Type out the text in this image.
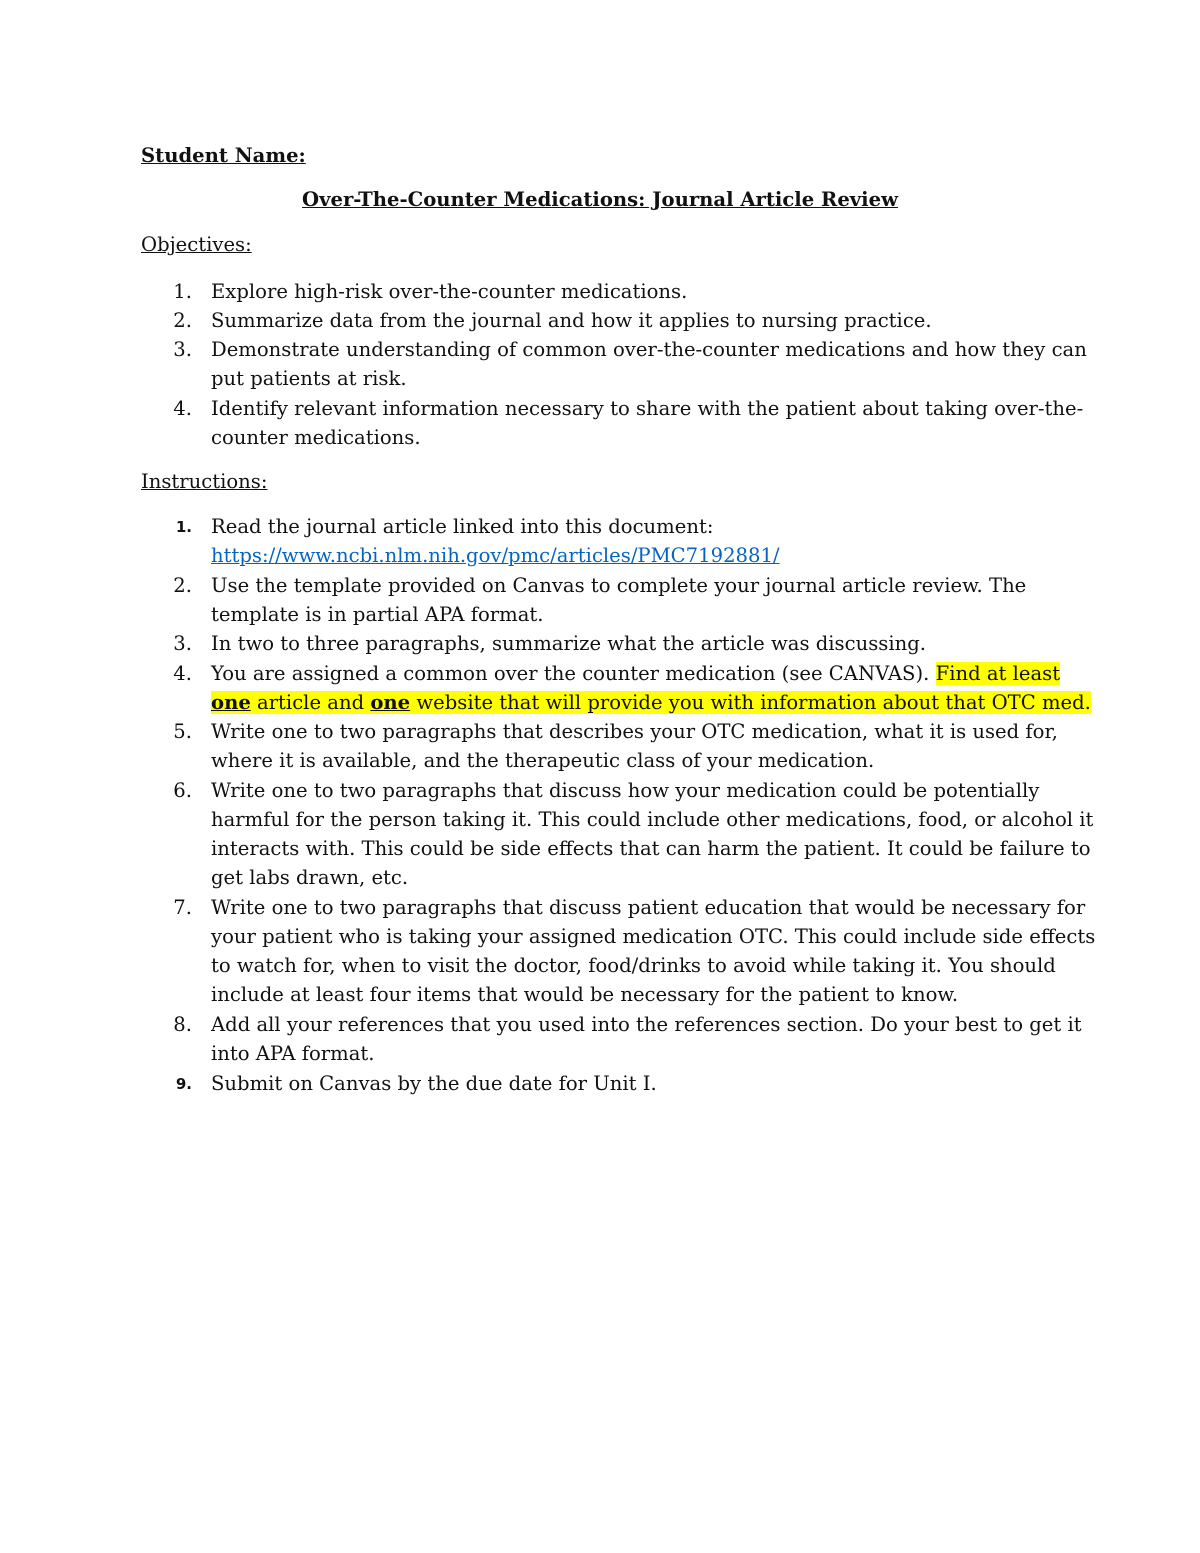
Student Name:
Over-The-Counter Medications: Journal Article Review
Objectives:
1. Explore high-risk over-the-counter medications.
2. Summarize data from the journal and how it applies to nursing practice.
3. Demonstrate understanding of common over-the-counter medications and how they can
put patients at risk.
4. Identify relevant information necessary to share with the patient about taking over-the-
counter medications.
Instructions:
1. Read the journal article linked into this document:
https://www.ncbi.nlm.nih.gov/pmc/articles/PMC7192881/
2. Use the template provided on Canvas to complete your journal article review. The
template is in partial APA format.
3. In two to three paragraphs, summarize what the article was discussing.
4. You are assigned a common over the counter medication (see CANVAS). Find at least
one article and one website that will provide you with information about that OTC med.
5. Write one to two paragraphs that describes your OTC medication, what it is used for,
where it is available, and the therapeutic class of your medication.
6. Write one to two paragraphs that discuss how your medication could be potentially
harmful for the person taking it. This could include other medications, food, or alcohol it
interacts with. This could be side effects that can harm the patient. It could be failure to
get labs drawn, etc.
7. Write one to two paragraphs that discuss patient education that would be necessary for
your patient who is taking your assigned medication OTC. This could include side effects
to watch for, when to visit the doctor, food/drinks to avoid while taking it. You should
include at least four items that would be necessary for the patient to know.
8. Add all your references that you used into the references section. Do your best to get it
into APA format.
9. Submit on Canvas by the due date for Unit I.
